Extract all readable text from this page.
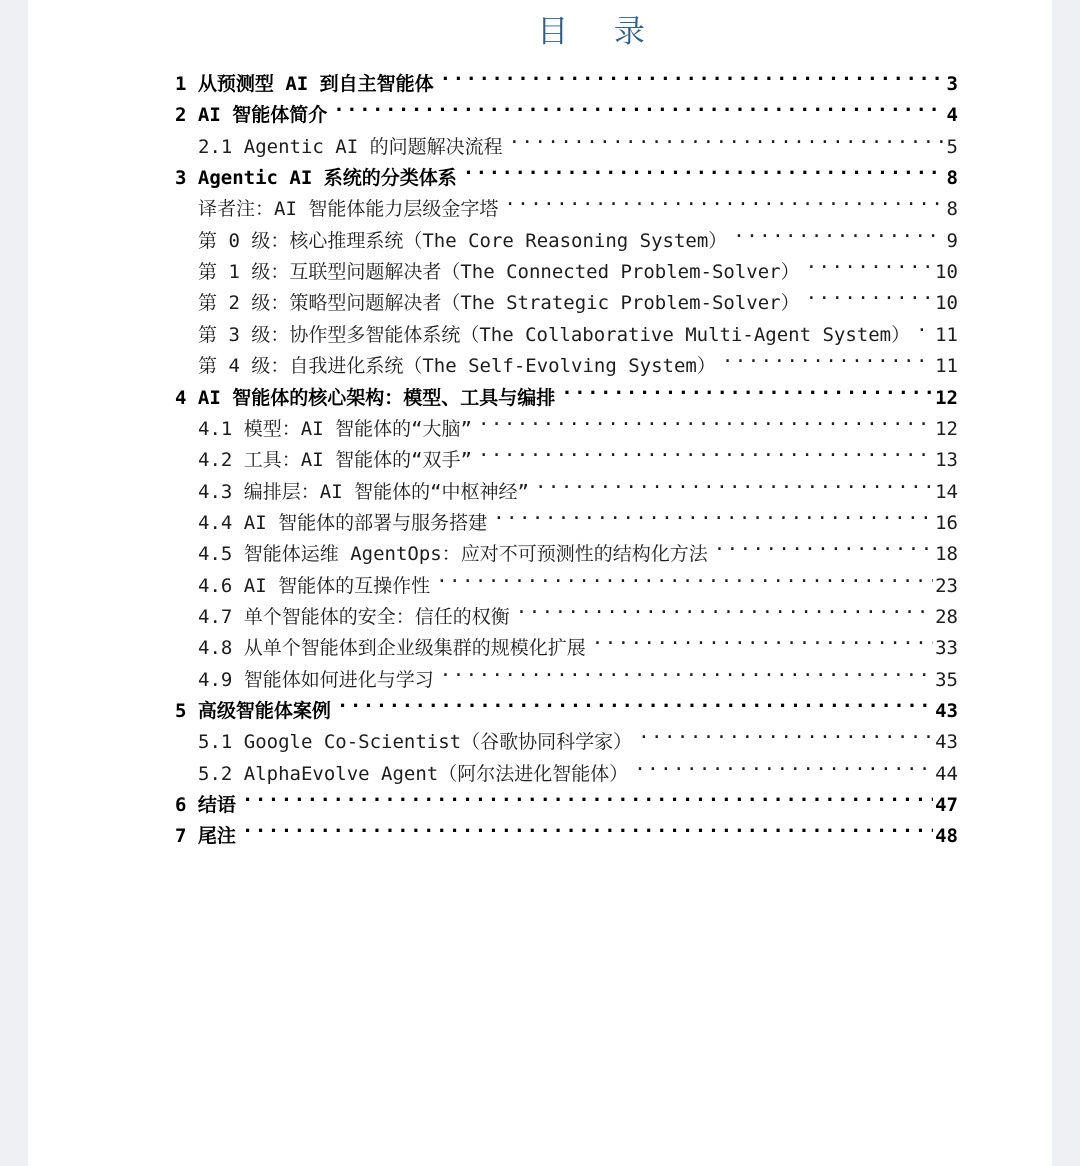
目 录
1 从预测型 AI 到自主智能体 .....	3
2 AI 智能体简介 .....	4
2.1 Agentic AI 的问题解决流程 .....	5
3 Agentic AI 系统的分类体系 .....	8
译者注：AI 智能体能力层级金字塔 .....	8
第 0 级：核心推理系统（The Core Reasoning System） .....	9
第 1 级：互联型问题解决者（The Connected Problem-Solver） .....	10
第 2 级：策略型问题解决者（The Strategic Problem-Solver） .....	10
第 3 级：协作型多智能体系统（The Collaborative Multi-Agent System） .....	11
第 4 级：自我进化系统（The Self-Evolving System） .....	11
4 AI 智能体的核心架构：模型、工具与编排 .....	12
4.1 模型：AI 智能体的“大脑” .....	12
4.2 工具：AI 智能体的“双手” .....	13
4.3 编排层：AI 智能体的“中枢神经” .....	14
4.4 AI 智能体的部署与服务搭建 .....	16
4.5 智能体运维 AgentOps：应对不可预测性的结构化方法 .....	18
4.6 AI 智能体的互操作性 .....	23
4.7 单个智能体的安全：信任的权衡 .....	28
4.8 从单个智能体到企业级集群的规模化扩展 .....	33
4.9 智能体如何进化与学习 .....	35
5 高级智能体案例 .....	43
5.1 Google Co-Scientist（谷歌协同科学家） .....	43
5.2 AlphaEvolve Agent（阿尔法进化智能体） .....	44
6 结语 .....	47
7 尾注 .....	48
